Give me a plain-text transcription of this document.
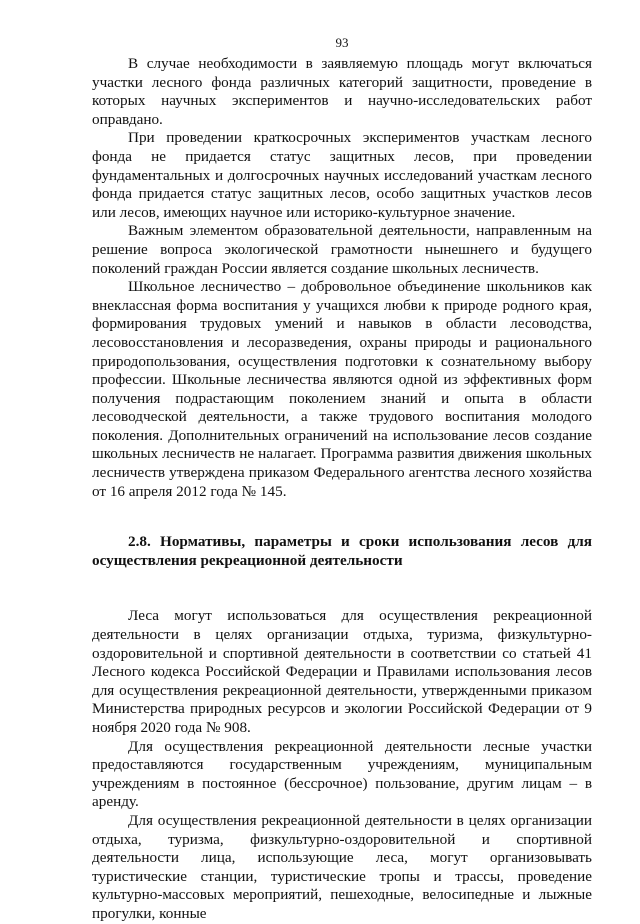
93

В случае необходимости в заявляемую площадь могут включаться участки лесного фонда различных категорий защитности, проведение в которых научных экспериментов и научно-исследовательских работ оправдано.

При проведении краткосрочных экспериментов участкам лесного фонда не придается статус защитных лесов, при проведении фундаментальных и долгосрочных научных исследований участкам лесного фонда придается статус защитных лесов, особо защитных участков лесов или лесов, имеющих научное или историко-культурное значение.

Важным элементом образовательной деятельности, направленным на решение вопроса экологической грамотности нынешнего и будущего поколений граждан России является создание школьных лесничеств.

Школьное лесничество – добровольное объединение школьников как внеклассная форма воспитания у учащихся любви к природе родного края, формирования трудовых умений и навыков в области лесоводства, лесовосстановления и лесоразведения, охраны природы и рационального природопользования, осуществления подготовки к сознательному выбору профессии. Школьные лесничества являются одной из эффективных форм получения подрастающим поколением знаний и опыта в области лесоводческой деятельности, а также трудового воспитания молодого поколения. Дополнительных ограничений на использование лесов создание школьных лесничеств не налагает. Программа развития движения школьных лесничеств утверждена приказом Федерального агентства лесного хозяйства от 16 апреля 2012 года № 145.

2.8. Нормативы, параметры и сроки использования лесов для осуществления рекреационной деятельности

Леса могут использоваться для осуществления рекреационной деятельности в целях организации отдыха, туризма, физкультурно-оздоровительной и спортивной деятельности в соответствии со статьей 41 Лесного кодекса Российской Федерации и Правилами использования лесов для осуществления рекреационной деятельности, утвержденными приказом Министерства природных ресурсов и экологии Российской Федерации от 9 ноября 2020 года № 908.

Для осуществления рекреационной деятельности лесные участки предоставляются государственным учреждениям, муниципальным учреждениям в постоянное (бессрочное) пользование, другим лицам – в аренду.

Для осуществления рекреационной деятельности в целях организации отдыха, туризма, физкультурно-оздоровительной и спортивной деятельности лица, использующие леса, могут организовывать туристические станции, туристические тропы и трассы, проведение культурно-массовых мероприятий, пешеходные, велосипедные и лыжные прогулки, конные
